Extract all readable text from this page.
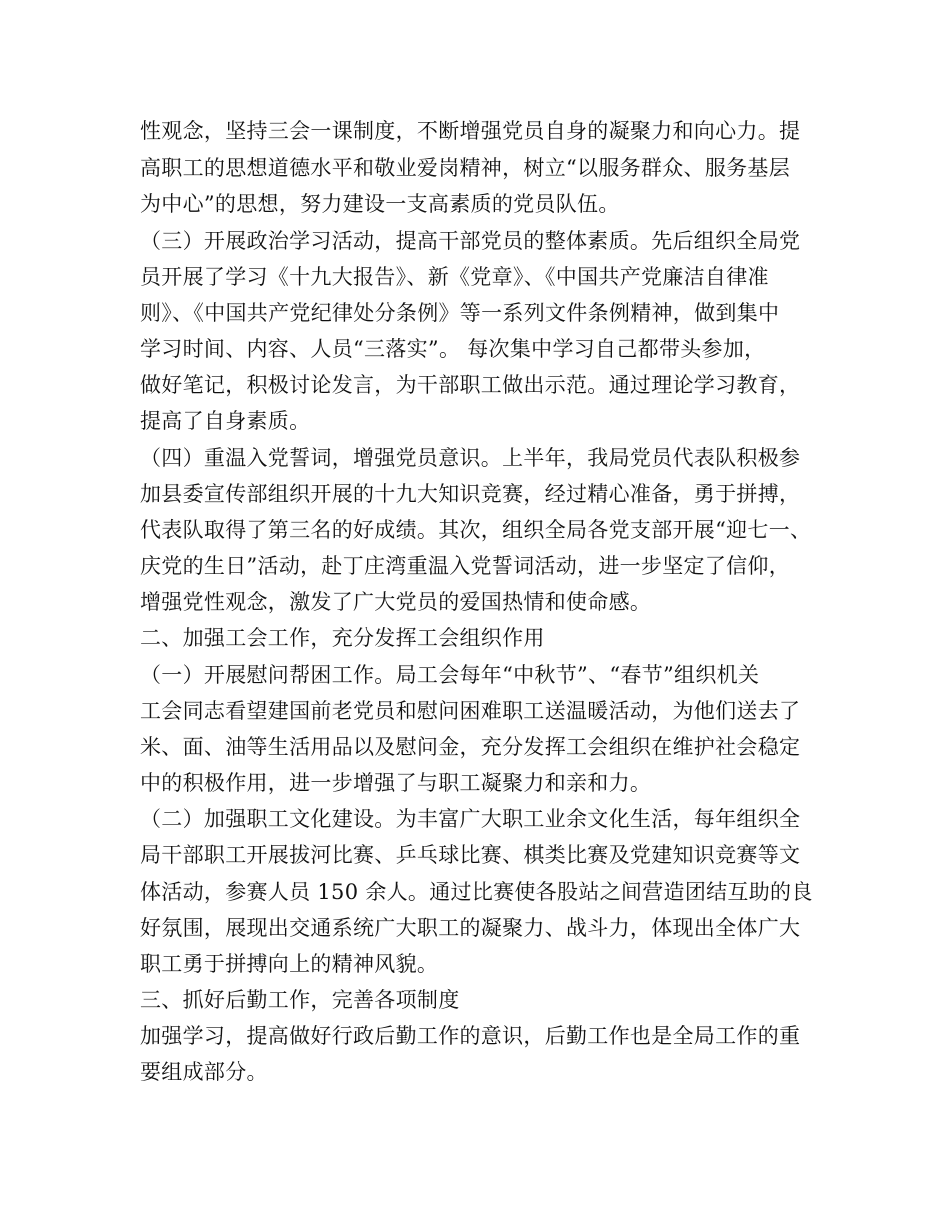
性观念，坚持三会一课制度，不断增强党员自身的凝聚力和向心力。提
高职工的思想道德水平和敬业爱岗精神，树立“以服务群众、服务基层
为中心”的思想，努力建设一支高素质的党员队伍。
（三）开展政治学习活动，提高干部党员的整体素质。先后组织全局党
员开展了学习《十九大报告》、新《党章》、《中国共产党廉洁自律准
则》、《中国共产党纪律处分条例》等一系列文件条例精神，做到集中
学习时间、内容、人员“三落实”。 每次集中学习自己都带头参加，
做好笔记，积极讨论发言，为干部职工做出示范。通过理论学习教育，
提高了自身素质。
（四）重温入党誓词，增强党员意识。上半年，我局党员代表队积极参
加县委宣传部组织开展的十九大知识竞赛，经过精心准备，勇于拼搏，
代表队取得了第三名的好成绩。其次，组织全局各党支部开展“迎七一、
庆党的生日”活动，赴丁庄湾重温入党誓词活动，进一步坚定了信仰，
增强党性观念，激发了广大党员的爱国热情和使命感。
二、加强工会工作，充分发挥工会组织作用
（一）开展慰问帮困工作。局工会每年“中秋节”、“春节”组织机关
工会同志看望建国前老党员和慰问困难职工送温暖活动，为他们送去了
米、面、油等生活用品以及慰问金，充分发挥工会组织在维护社会稳定
中的积极作用，进一步增强了与职工凝聚力和亲和力。
（二）加强职工文化建设。为丰富广大职工业余文化生活，每年组织全
局干部职工开展拔河比赛、乒乓球比赛、棋类比赛及党建知识竞赛等文
体活动，参赛人员 150 余人。通过比赛使各股站之间营造团结互助的良
好氛围，展现出交通系统广大职工的凝聚力、战斗力，体现出全体广大
职工勇于拼搏向上的精神风貌。
三、抓好后勤工作，完善各项制度
加强学习，提高做好行政后勤工作的意识，后勤工作也是全局工作的重
要组成部分。
